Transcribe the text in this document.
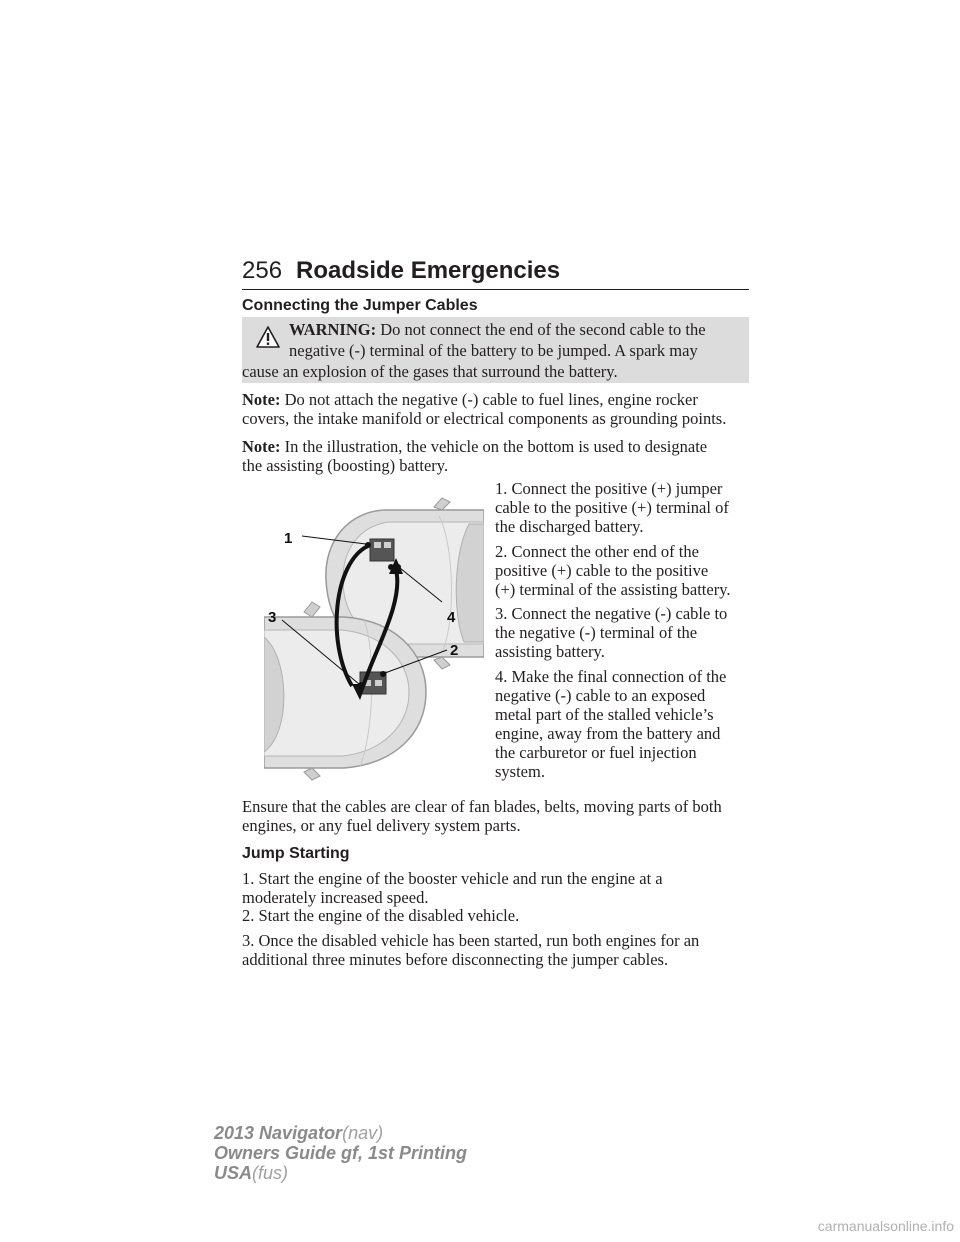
256 Roadside Emergencies
Connecting the Jumper Cables
WARNING: Do not connect the end of the second cable to the
negative (-) terminal of the battery to be jumped. A spark may
cause an explosion of the gases that surround the battery.
Note: Do not attach the negative (-) cable to fuel lines, engine rocker
covers, the intake manifold or electrical components as grounding points.
Note: In the illustration, the vehicle on the bottom is used to designate
the assisting (boosting) battery.
1. Connect the positive (+) jumper
cable to the positive (+) terminal of
the discharged battery.
2. Connect the other end of the
positive (+) cable to the positive
(+) terminal of the assisting battery.
3. Connect the negative (-) cable to
the negative (-) terminal of the
assisting battery.
4. Make the final connection of the
negative (-) cable to an exposed
metal part of the stalled vehicle’s
engine, away from the battery and
the carburetor or fuel injection
system.
1
2
3	4
Ensure that the cables are clear of fan blades, belts, moving parts of both
engines, or any fuel delivery system parts.
Jump Starting
1. Start the engine of the booster vehicle and run the engine at a
moderately increased speed.
2. Start the engine of the disabled vehicle.
3. Once the disabled vehicle has been started, run both engines for an
additional three minutes before disconnecting the jumper cables.
2013 Navigator(nav)
Owners Guide gf, 1st Printing
USA(fus)
carmanualsonline.info
